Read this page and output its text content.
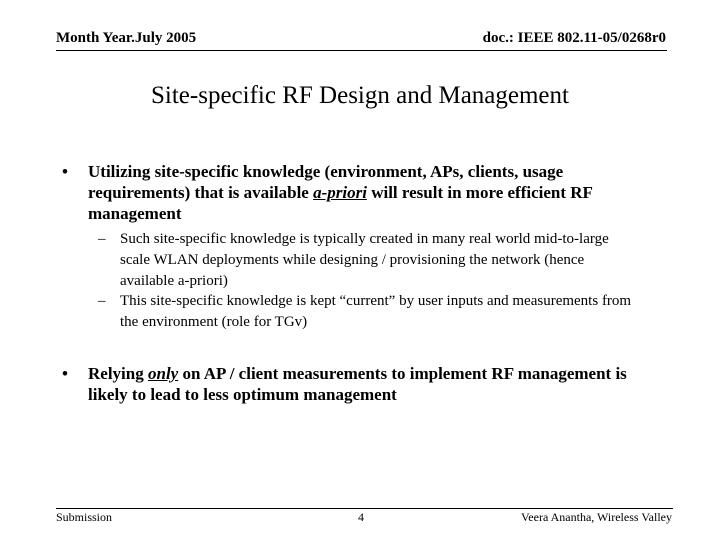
Month Year.July 2005	doc.: IEEE 802.11-05/0268r0
Site-specific RF Design and Management
• Utilizing site-specific knowledge (environment, APs, clients, usage requirements) that is available a-priori will result in more efficient RF management
– Such site-specific knowledge is typically created in many real world mid-to-large scale WLAN deployments while designing / provisioning the network (hence available a-priori)
– This site-specific knowledge is kept “current” by user inputs and measurements from the environment (role for TGv)
• Relying only on AP / client measurements to implement RF management is likely to lead to less optimum management
Submission	4	Veera Anantha, Wireless Valley
